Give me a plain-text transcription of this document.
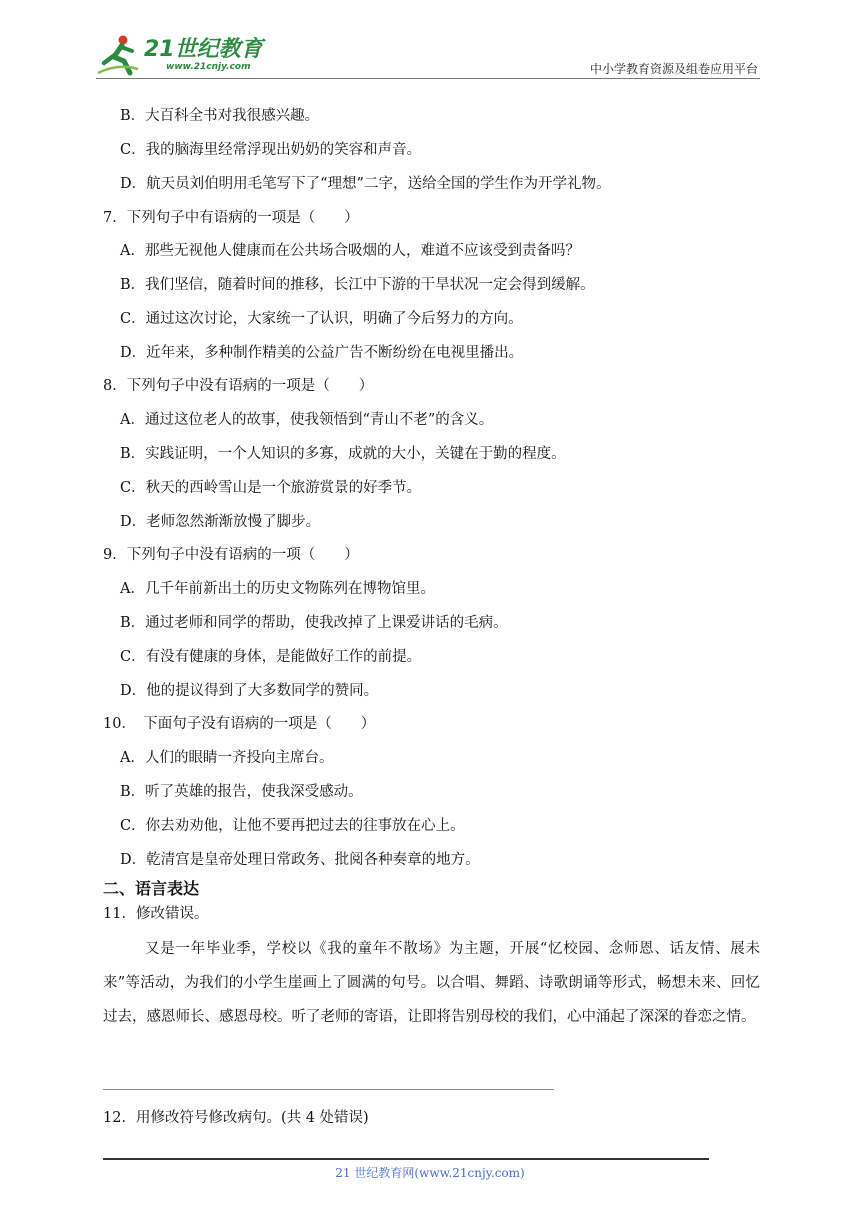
21世纪教育
www.21cnjy.com	中小学教育资源及组卷应用平台
B．大百科全书对我很感兴趣。
C．我的脑海里经常浮现出奶奶的笑容和声音。
D．航天员刘伯明用毛笔写下了“理想”二字，送给全国的学生作为开学礼物。
7．下列句子中有语病的一项是（　　）
A．那些无视他人健康而在公共场合吸烟的人，难道不应该受到责备吗？
B．我们坚信，随着时间的推移，长江中下游的干旱状况一定会得到缓解。
C．通过这次讨论，大家统一了认识，明确了今后努力的方向。
D．近年来，多种制作精美的公益广告不断纷纷在电视里播出。
8．下列句子中没有语病的一项是（　　）
A．通过这位老人的故事，使我领悟到“青山不老”的含义。
B．实践证明，一个人知识的多寡，成就的大小，关键在于勤的程度。
C．秋天的西岭雪山是一个旅游赏景的好季节。
D．老师忽然渐渐放慢了脚步。
9．下列句子中没有语病的一项（　　）
A．几千年前新出土的历史文物陈列在博物馆里。
B．通过老师和同学的帮助，使我改掉了上课爱讲话的毛病。
C．有没有健康的身体，是能做好工作的前提。
D．他的提议得到了大多数同学的赞同。
10．　下面句子没有语病的一项是（　　）
A．人们的眼睛一齐投向主席台。
B．听了英雄的报告，使我深受感动。
C．你去劝劝他，让他不要再把过去的往事放在心上。
D．乾清宫是皇帝处理日常政务、批阅各种奏章的地方。
二、语言表达
11．修改错误。
又是一年毕业季，学校以《我的童年不散场》为主题，开展“忆校园、念师恩、话友情、展未来”等活动，为我们的小学生崖画上了圆满的句号。以合唱、舞蹈、诗歌朗诵等形式，畅想未来、回忆过去，感恩师长、感恩母校。听了老师的寄语，让即将告别母校的我们，心中涌起了深深的眷恋之情。
12．用修改符号修改病句。(共 4 处错误)
21 世纪教育网(www.21cnjy.com)
